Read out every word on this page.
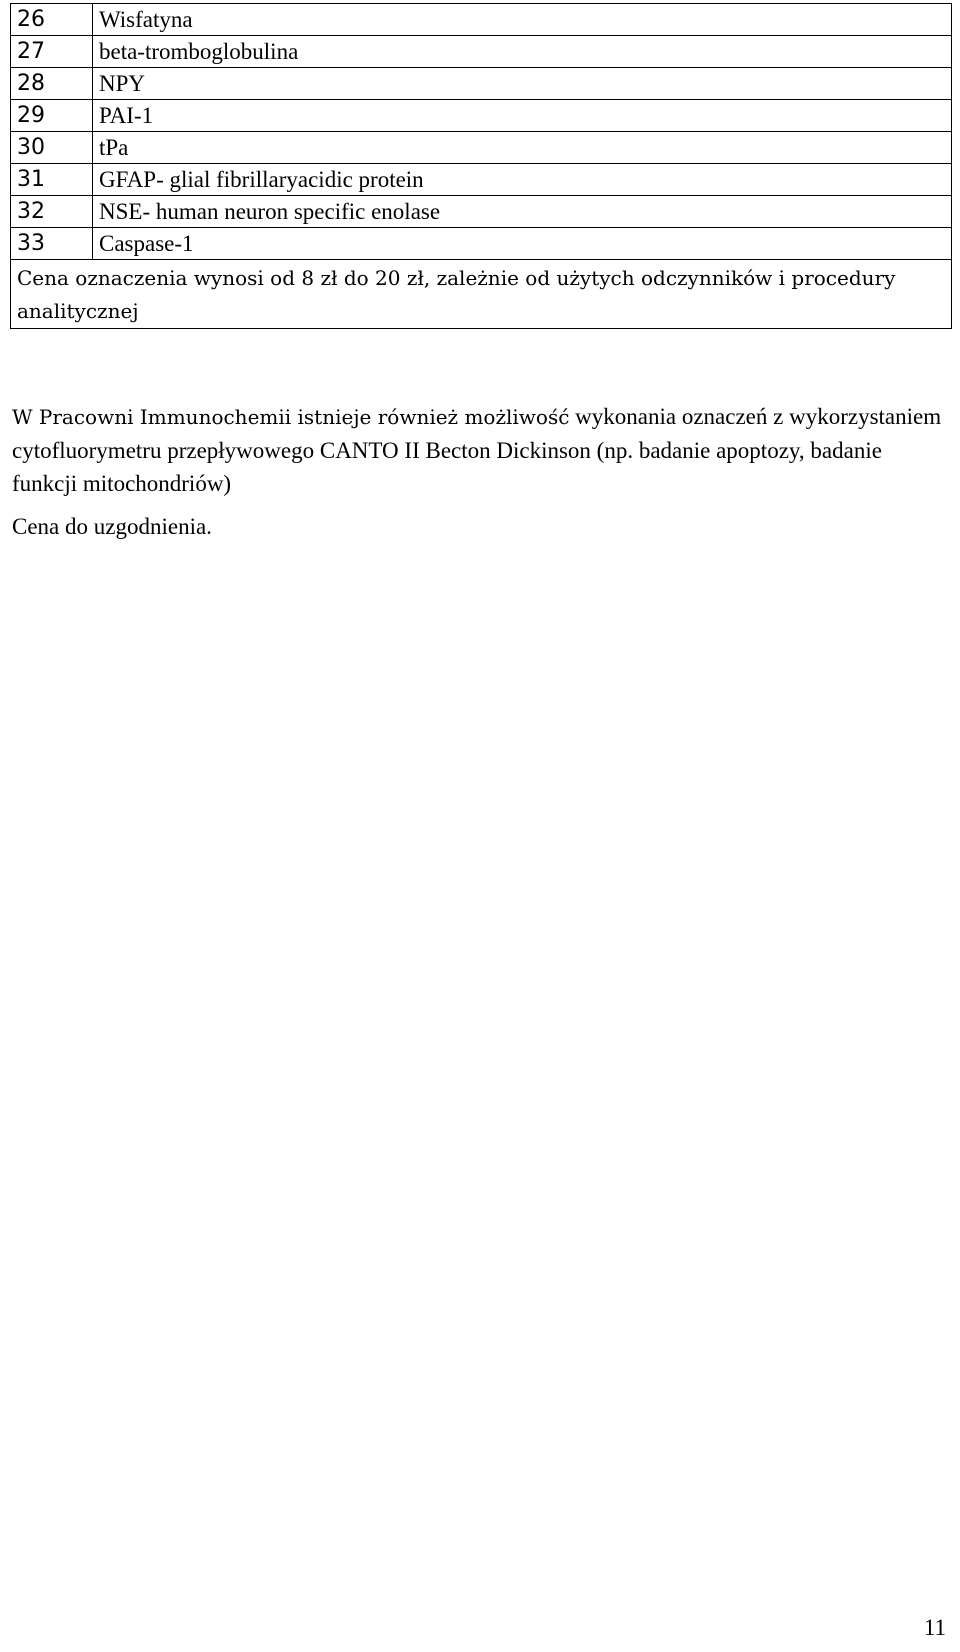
26	Wisfatyna
27	beta-tromboglobulina
28	NPY
29	PAI-1
30	tPa
31	GFAP- glial fibrillaryacidic protein
32	NSE- human neuron specific enolase
33	Caspase-1
Cena oznaczenia wynosi od 8 zł do 20 zł, zależnie od użytych odczynników i procedury analitycznej	

W Pracowni Immunochemii istnieje również możliwość wykonania oznaczeń z wykorzystaniem cytofluorymetru przepływowego CANTO II Becton Dickinson (np. badanie apoptozy, badanie funkcji mitochondriów)

Cena do uzgodnienia.

11
